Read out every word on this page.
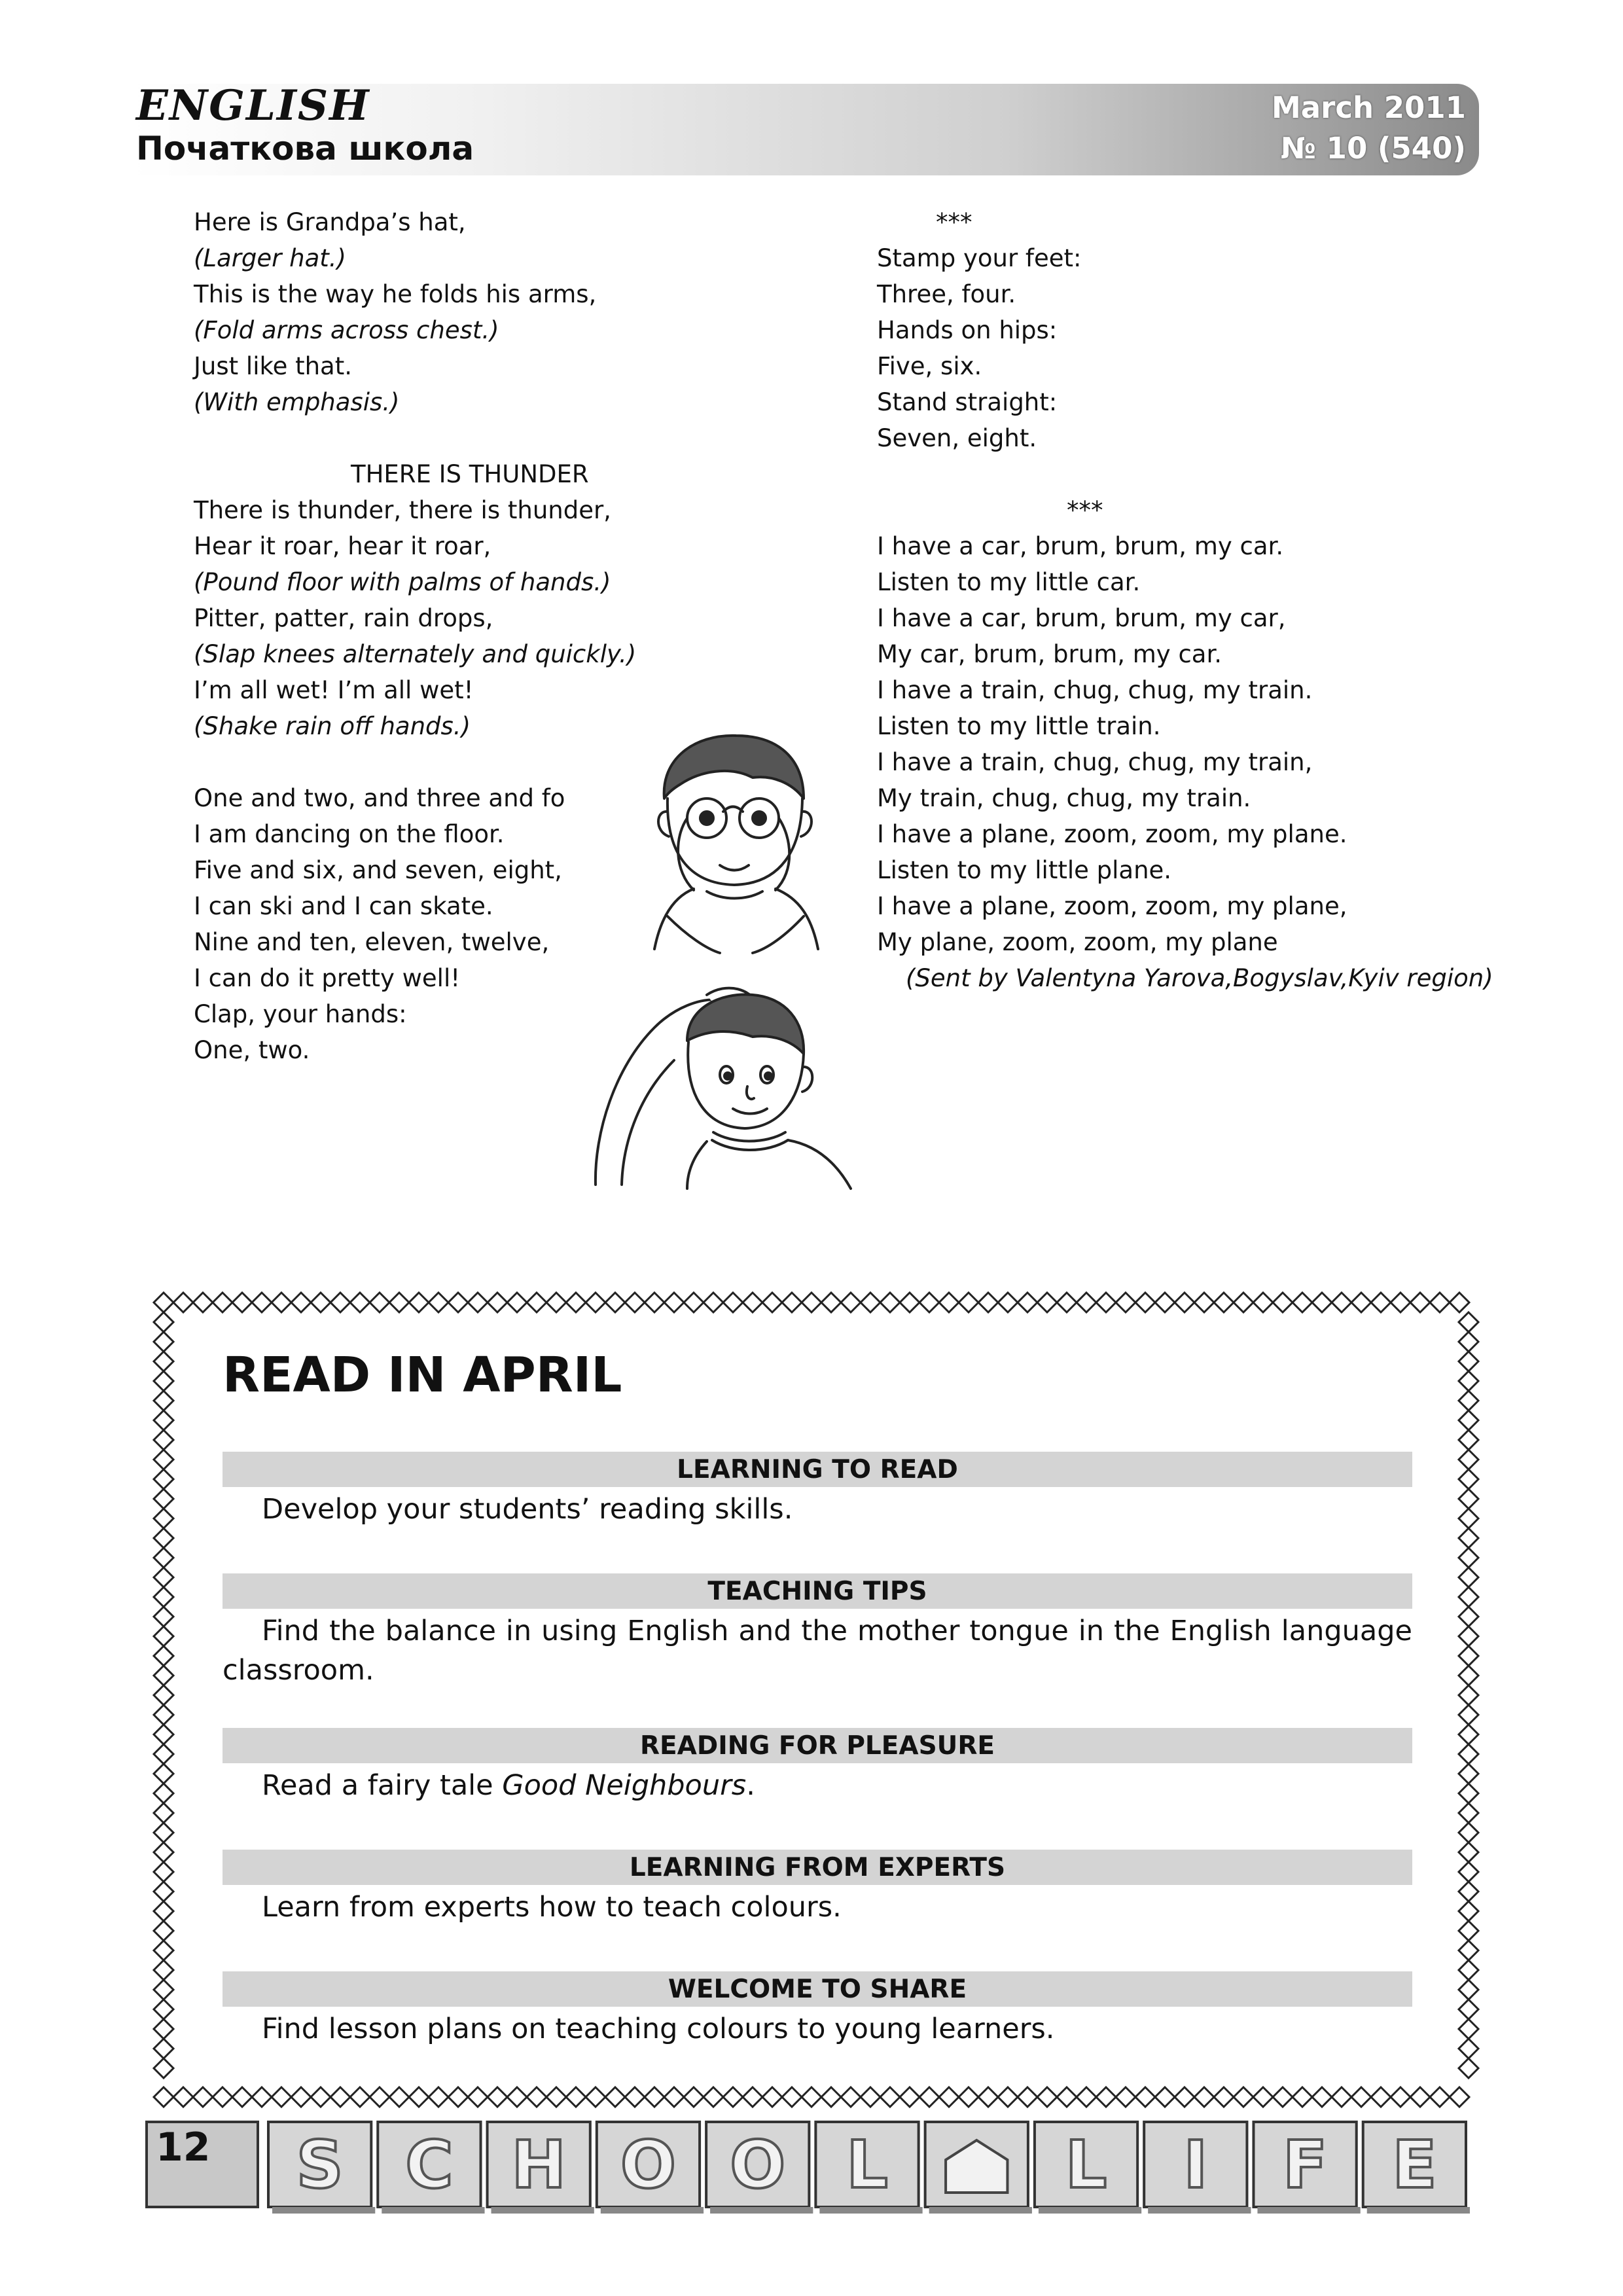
ENGLISH
Початкова школа
March 2011
№ 10 (540)
Here is Grandpa’s hat,
(Larger hat.)
This is the way he folds his arms,
(Fold arms across chest.)
Just like that.
(With emphasis.)

THERE IS THUNDER
There is thunder, there is thunder,
Hear it roar, hear it roar,
(Pound floor with palms of hands.)
Pitter, patter, rain drops,
(Slap knees alternately and quickly.)
I’m all wet! I’m all wet!
(Shake rain off hands.)

One and two, and three and fo
I am dancing on the floor.
Five and six, and seven, eight,
I can ski and I can skate.
Nine and ten, eleven, twelve,
I can do it pretty well!
Clap, your hands:
One, two.
***
Stamp your feet:
Three, four.
Hands on hips:
Five, six.
Stand straight:
Seven, eight.

***
I have a car, brum, brum, my car.
Listen to my little car.
I have a car, brum, brum, my car,
My car, brum, brum, my car.
I have a train, chug, chug, my train.
Listen to my little train.
I have a train, chug, chug, my train,
My train, chug, chug, my train.
I have a plane, zoom, zoom, my plane.
Listen to my little plane.
I have a plane, zoom, zoom, my plane,
My plane, zoom, zoom, my plane
(Sent by Valentyna Yarova,Bogyslav,Kyiv region)
READ IN APRIL
LEARNING TO READ
Develop your students’ reading skills.
TEACHING TIPS
Find the balance in using English and the mother tongue in the English language classroom.
READING FOR PLEASURE
Read a fairy tale Good Neighbours.
LEARNING FROM EXPERTS
Learn from experts how to teach colours.
WELCOME TO SHARE
Find lesson plans on teaching colours to young learners.
S C H O O L	L I F E
12
